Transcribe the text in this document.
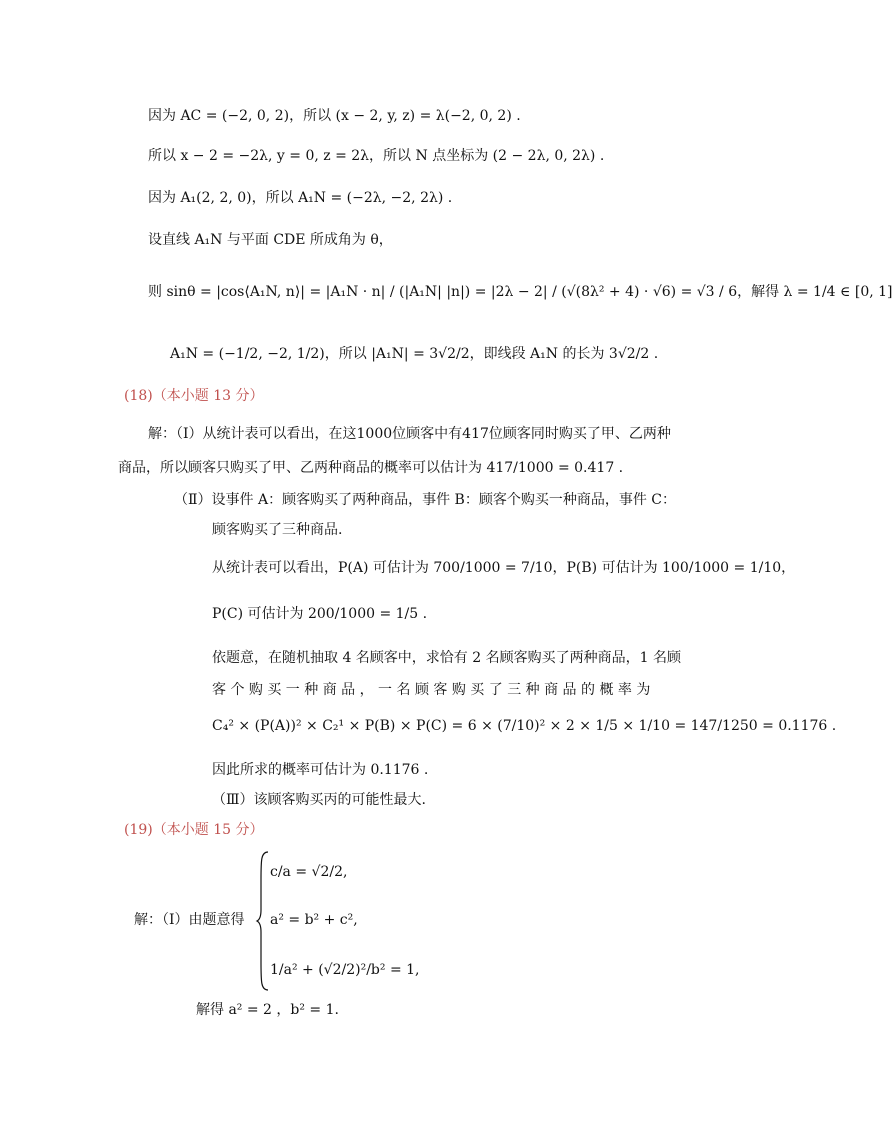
因为 AC = (−2, 0, 2)，所以 (x − 2, y, z) = λ(−2, 0, 2) .
所以 x − 2 = −2λ, y = 0, z = 2λ，所以 N 点坐标为 (2 − 2λ, 0, 2λ) .
因为 A₁(2, 2, 0)，所以 A₁N = (−2λ, −2, 2λ) .
设直线 A₁N 与平面 CDE 所成角为 θ，
则 sinθ = |cos⟨A₁N, n⟩| = |A₁N · n| / (|A₁N| |n|) = |2λ − 2| / (√(8λ² + 4) · √6) = √3 / 6，解得 λ = 1/4 ∈ [0, 1]
A₁N = (−1/2, −2, 1/2)，所以 |A₁N| = 3√2/2，即线段 A₁N 的长为 3√2/2 .
(18)（本小题 13 分）
解：（Ⅰ）从统计表可以看出，在这1000位顾客中有417位顾客同时购买了甲、乙两种
商品，所以顾客只购买了甲、乙两种商品的概率可以估计为 417/1000 = 0.417 .
（Ⅱ）设事件 A：顾客购买了两种商品，事件 B：顾客个购买一种商品，事件 C：
顾客购买了三种商品.
从统计表可以看出，P(A) 可估计为 700/1000 = 7/10，P(B) 可估计为 100/1000 = 1/10，
P(C) 可估计为 200/1000 = 1/5 .
依题意，在随机抽取 4 名顾客中，求恰有 2 名顾客购买了两种商品，1 名顾
客 个 购 买 一 种 商 品 ， 一 名 顾 客 购 买 了 三 种 商 品 的 概 率 为
C₄² × (P(A))² × C₂¹ × P(B) × P(C) = 6 × (7/10)² × 2 × 1/5 × 1/10 = 147/1250 = 0.1176 .
因此所求的概率可估计为 0.1176 .
（Ⅲ）该顾客购买丙的可能性最大.
(19)（本小题 15 分）
解：（Ⅰ）由题意得
c/a = √2/2,
a² = b² + c²,
1/a² + (√2/2)²/b² = 1,
解得 a² = 2 ，b² = 1.
